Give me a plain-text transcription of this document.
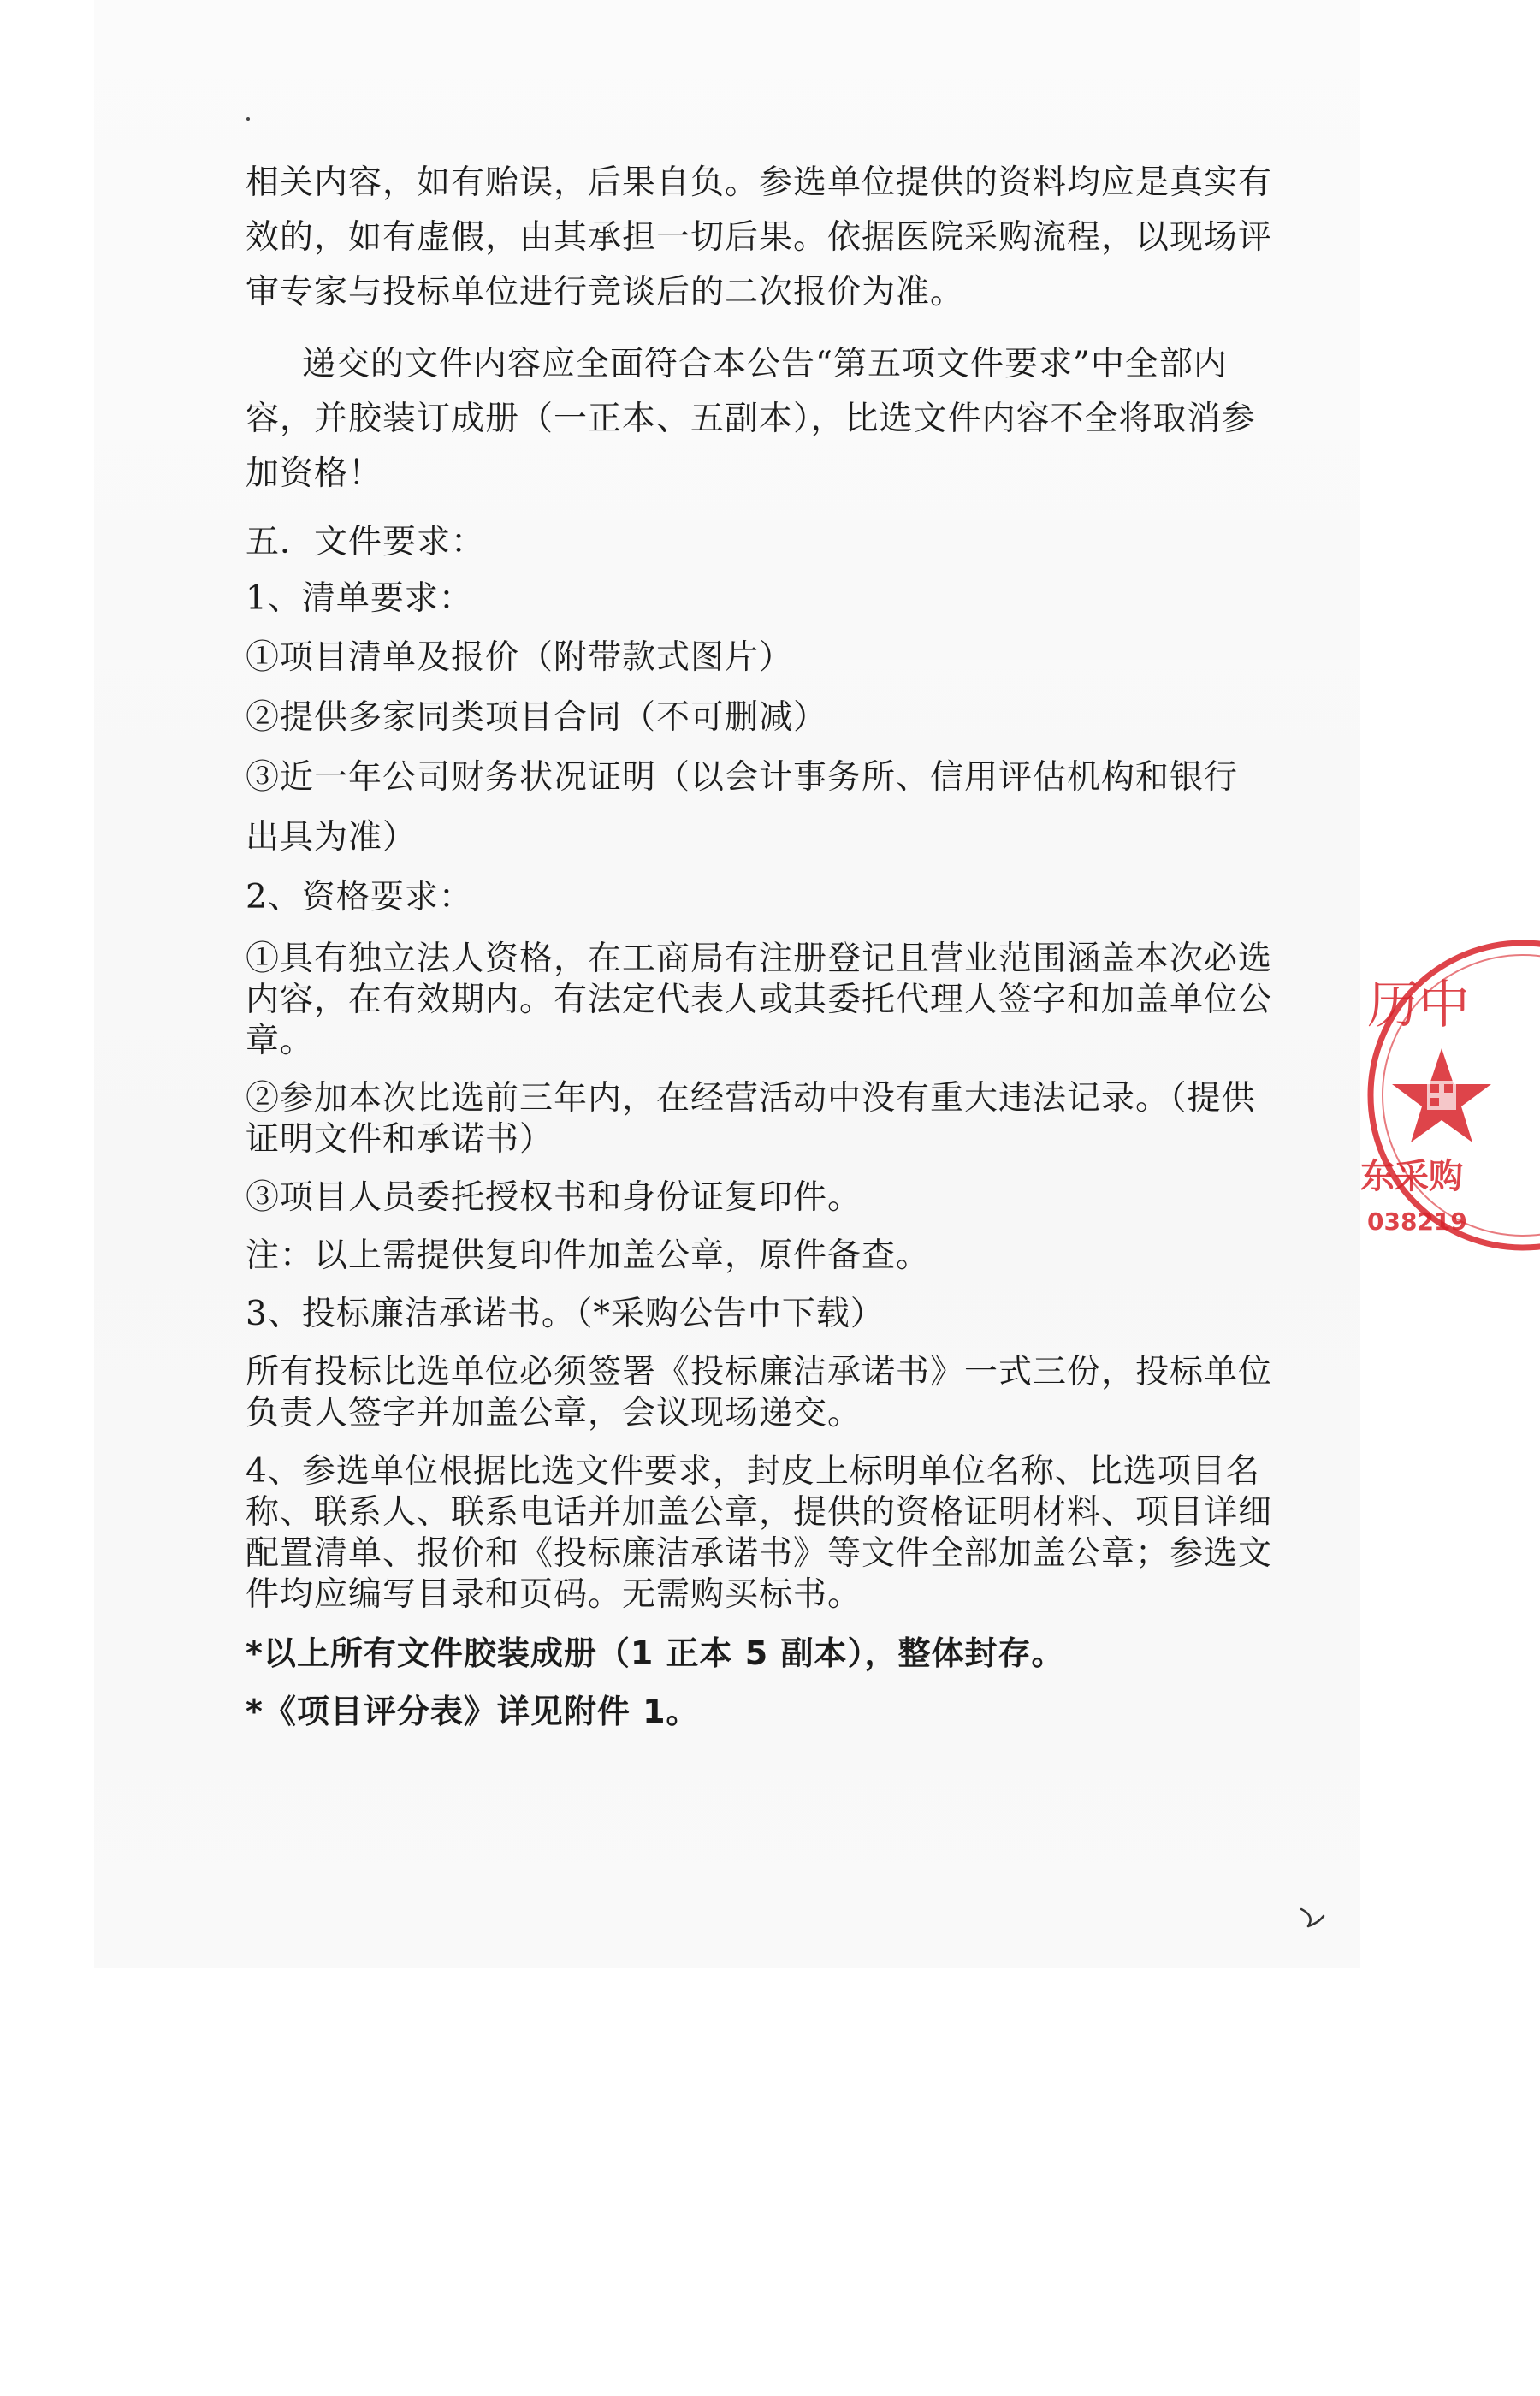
相关内容，如有贻误，后果自负。参选单位提供的资料均应是真实有
效的，如有虚假，由其承担一切后果。依据医院采购流程，以现场评
审专家与投标单位进行竞谈后的二次报价为准。
递交的文件内容应全面符合本公告“第五项文件要求”中全部内
容，并胶装订成册（一正本、五副本），比选文件内容不全将取消参
加资格！
五．文件要求：
1、清单要求：
①项目清单及报价（附带款式图片）
②提供多家同类项目合同（不可删减）
③近一年公司财务状况证明（以会计事务所、信用评估机构和银行
出具为准）
2、资格要求：
①具有独立法人资格，在工商局有注册登记且营业范围涵盖本次必选
内容，在有效期内。有法定代表人或其委托代理人签字和加盖单位公
章。
②参加本次比选前三年内，在经营活动中没有重大违法记录。（提供
证明文件和承诺书）
③项目人员委托授权书和身份证复印件。
注：以上需提供复印件加盖公章，原件备查。
3、投标廉洁承诺书。（*采购公告中下载）
所有投标比选单位必须签署《投标廉洁承诺书》一式三份，投标单位
负责人签字并加盖公章，会议现场递交。
4、参选单位根据比选文件要求，封皮上标明单位名称、比选项目名
称、联系人、联系电话并加盖公章，提供的资格证明材料、项目详细
配置清单、报价和《投标廉洁承诺书》等文件全部加盖公章；参选文
件均应编写目录和页码。无需购买标书。
*以上所有文件胶装成册（1 正本 5 副本），整体封存。
*《项目评分表》详见附件 1。
历中
东采购
038219
